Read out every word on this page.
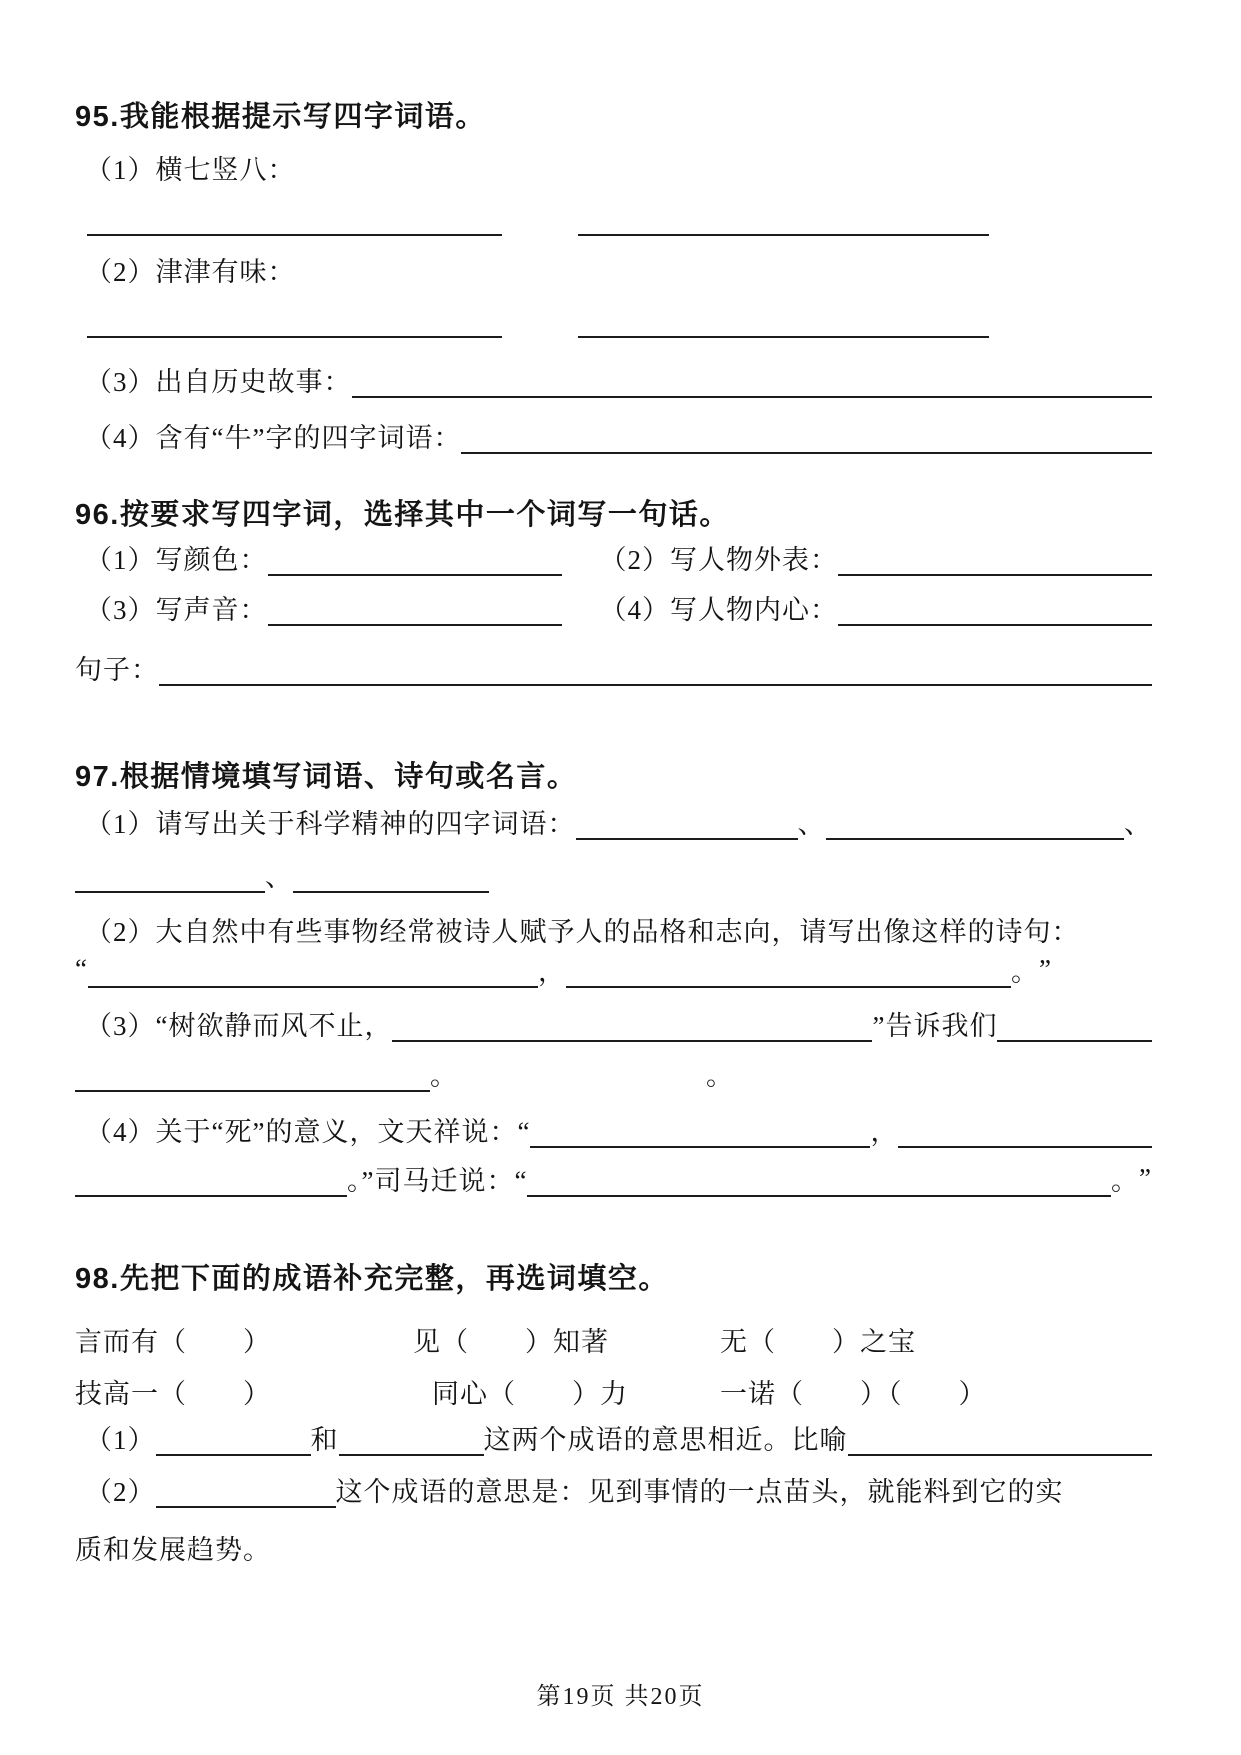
95.我能根据提示写四字词语。
（1）横七竖八：
（2）津津有味：
（3）出自历史故事：
（4）含有“牛”字的四字词语：
96.按要求写四字词，选择其中一个词写一句话。
（1）写颜色：	（2）写人物外表：
（3）写声音：	（4）写人物内心：
句子：
97.根据情境填写词语、诗句或名言。
（1）请写出关于科学精神的四字词语：	、	、
、
（2）大自然中有些事物经常被诗人赋予人的品格和志向，请写出像这样的诗句：
“	，	。 ”
（3）“树欲静而风不止，	”告诉我们
。	。
（4）关于“死”的意义，文天祥说：“	，
。”司马迁说：“	。 ”
98.先把下面的成语补充完整，再选词填空。
言而有（　　）	见（　　）知著	无（　　）之宝
技高一（　　）	同心（　　）力	一诺（　　）（　　）
（1）	和	这两个成语的意思相近。比喻
（2）	这个成语的意思是：见到事情的一点苗头，就能料到它的实
质和发展趋势。
第19页 共20页
